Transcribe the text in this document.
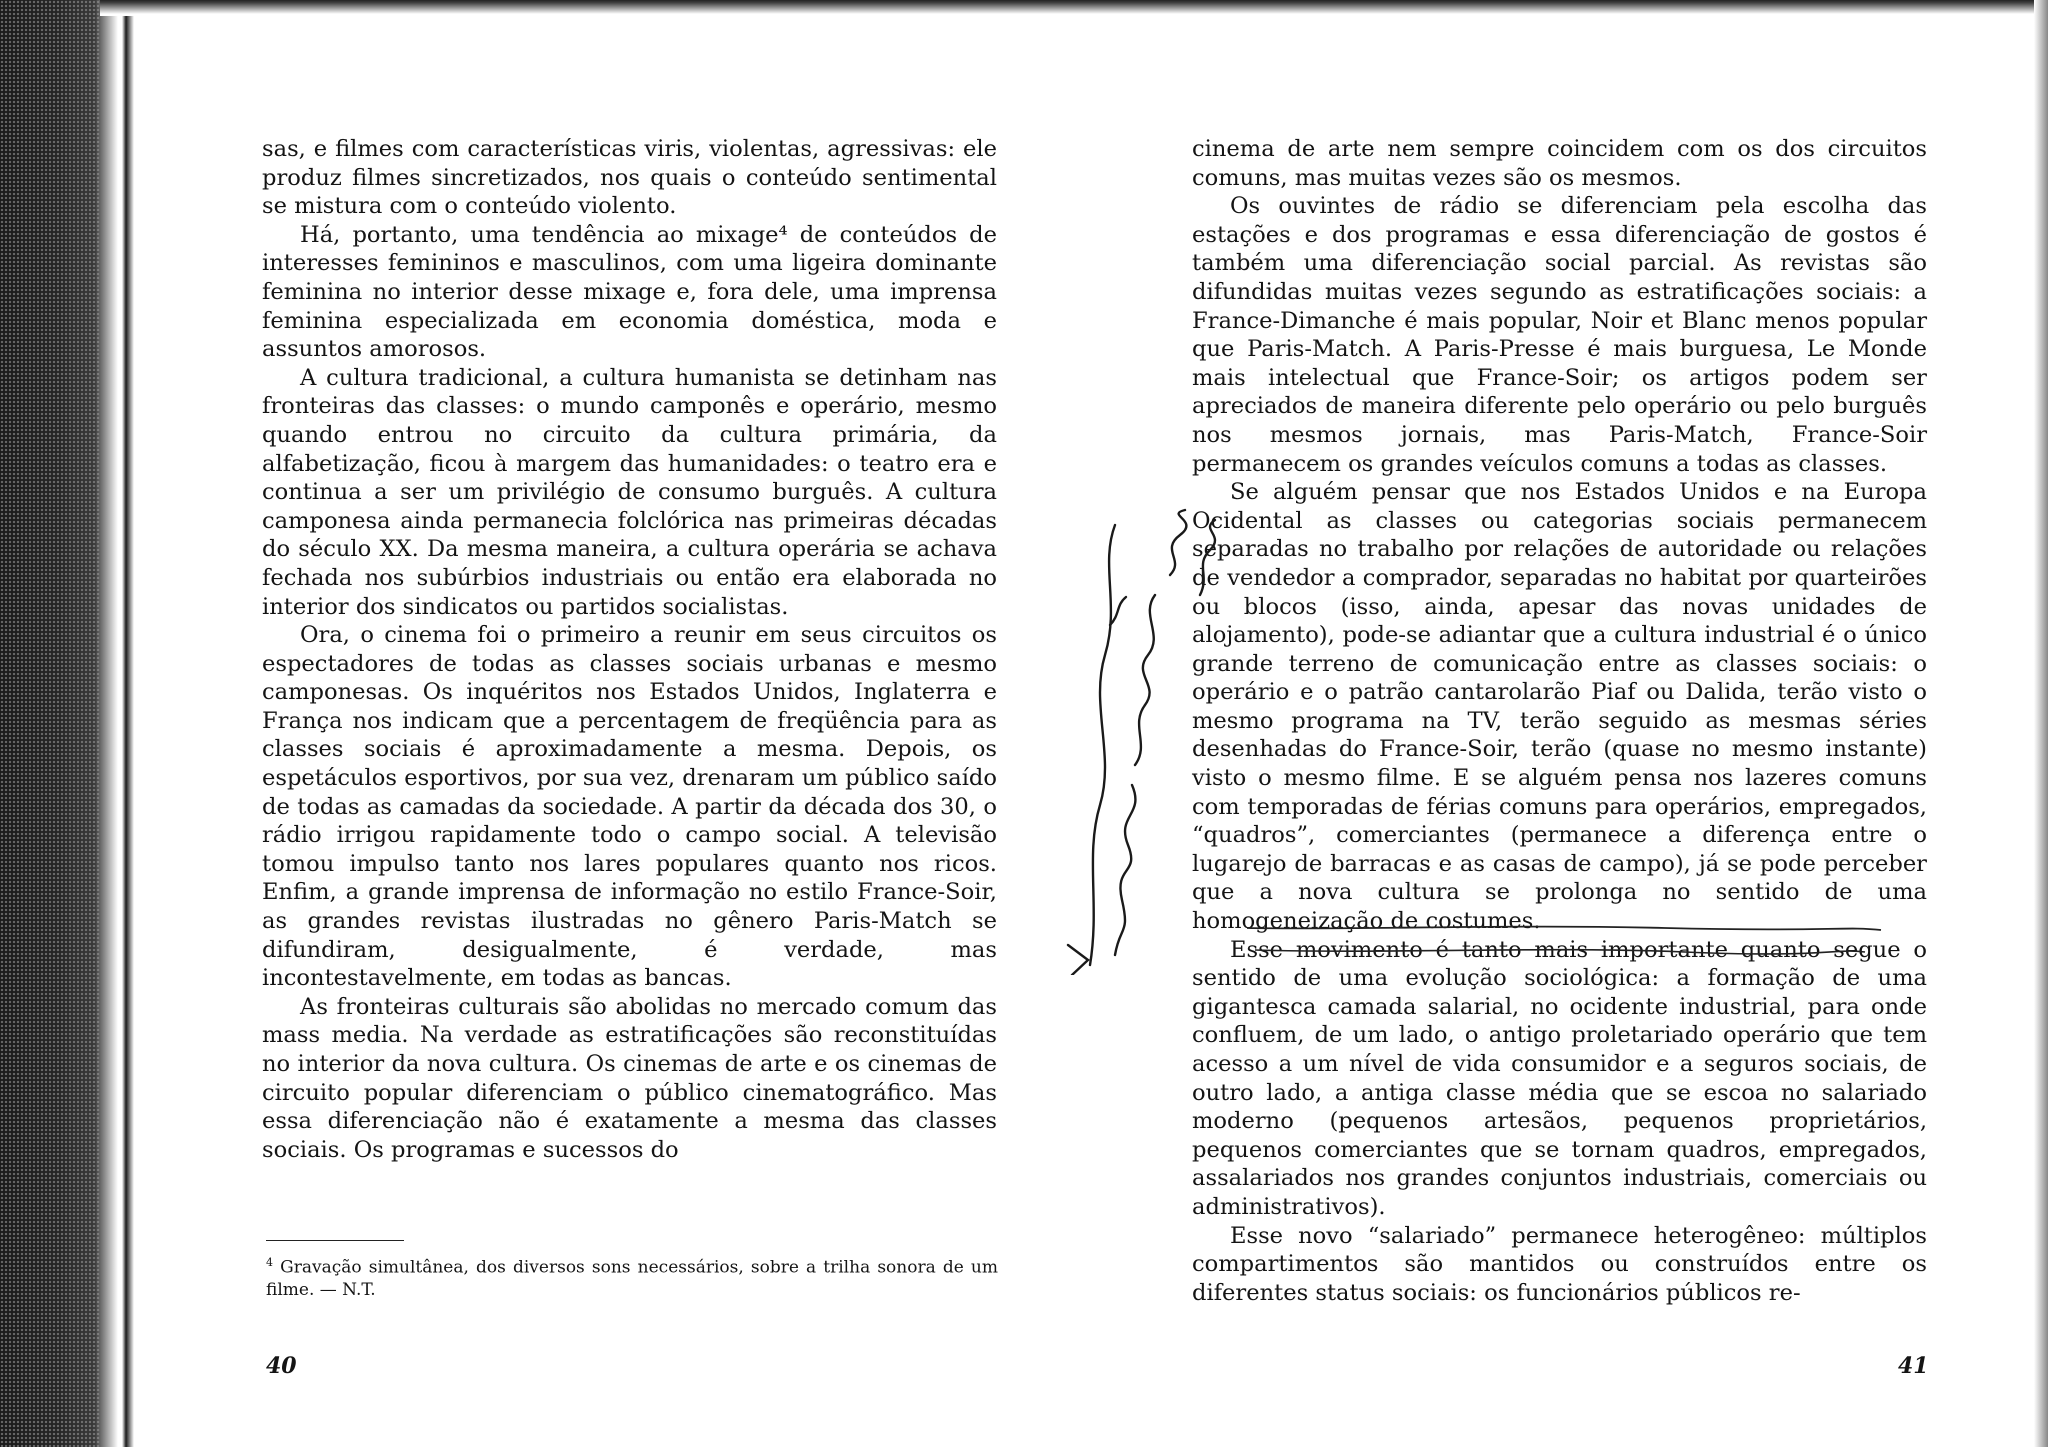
sas, e filmes com características viris, violentas, agressivas: ele produz filmes sincretizados, nos quais o conteúdo sentimental se mistura com o conteúdo violento.

Há, portanto, uma tendência ao mixage⁴ de conteúdos de interesses femininos e masculinos, com uma ligeira dominante feminina no interior desse mixage e, fora dele, uma imprensa feminina especializada em economia doméstica, moda e assuntos amorosos.

A cultura tradicional, a cultura humanista se detinham nas fronteiras das classes: o mundo camponês e operário, mesmo quando entrou no circuito da cultura primária, da alfabetização, ficou à margem das humanidades: o teatro era e continua a ser um privilégio de consumo burguês. A cultura camponesa ainda permanecia folclórica nas primeiras décadas do século XX. Da mesma maneira, a cultura operária se achava fechada nos subúrbios industriais ou então era elaborada no interior dos sindicatos ou partidos socialistas.

Ora, o cinema foi o primeiro a reunir em seus circuitos os espectadores de todas as classes sociais urbanas e mesmo camponesas. Os inquéritos nos Estados Unidos, Inglaterra e França nos indicam que a percentagem de freqüência para as classes sociais é aproximadamente a mesma. Depois, os espetáculos esportivos, por sua vez, drenaram um público saído de todas as camadas da sociedade. A partir da década dos 30, o rádio irrigou rapidamente todo o campo social. A televisão tomou impulso tanto nos lares populares quanto nos ricos. Enfim, a grande imprensa de informação no estilo France-Soir, as grandes revistas ilustradas no gênero Paris-Match se difundiram, desigualmente, é verdade, mas incontestavelmente, em todas as bancas.

As fronteiras culturais são abolidas no mercado comum das mass media. Na verdade as estratificações são reconstituídas no interior da nova cultura. Os cinemas de arte e os cinemas de circuito popular diferenciam o público cinematográfico. Mas essa diferenciação não é exatamente a mesma das classes sociais. Os programas e sucessos do

$^4$ Gravação simultânea, dos diversos sons necessários, sobre a trilha sonora de um filme. — N.T.
40

cinema de arte nem sempre coincidem com os dos circuitos comuns, mas muitas vezes são os mesmos.

Os ouvintes de rádio se diferenciam pela escolha das estações e dos programas e essa diferenciação de gostos é também uma diferenciação social parcial. As revistas são difundidas muitas vezes segundo as estratificações sociais: a France-Dimanche é mais popular, Noir et Blanc menos popular que Paris-Match. A Paris-Presse é mais burguesa, Le Monde mais intelectual que France-Soir; os artigos podem ser apreciados de maneira diferente pelo operário ou pelo burguês nos mesmos jornais, mas Paris-Match, France-Soir permanecem os grandes veículos comuns a todas as classes.

Se alguém pensar que nos Estados Unidos e na Europa Ocidental as classes ou categorias sociais permanecem separadas no trabalho por relações de autoridade ou relações de vendedor a comprador, separadas no habitat por quarteirões ou blocos (isso, ainda, apesar das novas unidades de alojamento), pode-se adiantar que a cultura industrial é o único grande terreno de comunicação entre as classes sociais: o operário e o patrão cantarolarão Piaf ou Dalida, terão visto o mesmo programa na TV, terão seguido as mesmas séries desenhadas do France-Soir, terão (quase no mesmo instante) visto o mesmo filme. E se alguém pensa nos lazeres comuns com temporadas de férias comuns para operários, empregados, “quadros”, comerciantes (permanece a diferença entre o lugarejo de barracas e as casas de campo), já se pode perceber que a nova cultura se prolonga no sentido de uma homogeneização de costumes.

Esse movimento é tanto mais importante quanto segue o sentido de uma evolução sociológica: a formação de uma gigantesca camada salarial, no ocidente industrial, para onde confluem, de um lado, o antigo proletariado operário que tem acesso a um nível de vida consumidor e a seguros sociais, de outro lado, a antiga classe média que se escoa no salariado moderno (pequenos artesãos, pequenos proprietários, pequenos comerciantes que se tornam quadros, empregados, assalariados nos grandes conjuntos industriais, comerciais ou administrativos).

Esse novo “salariado” permanece heterogêneo: múltiplos compartimentos são mantidos ou construídos entre os diferentes status sociais: os funcionários públicos re-

41
